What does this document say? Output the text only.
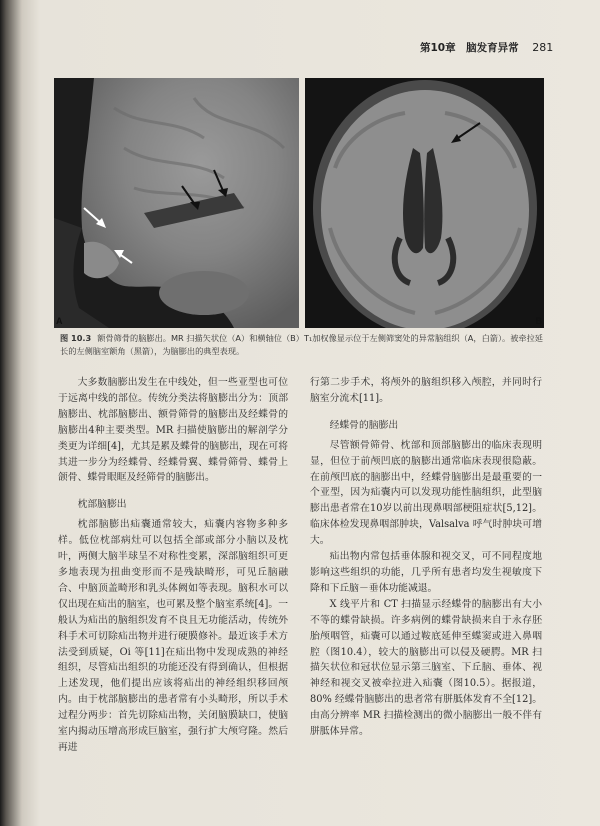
第10章　脑发育异常 281
A	B
图 10.3 额骨筛骨的脑膨出。MR 扫描矢状位（A）和横轴位（B）T₁加权像显示位于左侧筛窦处的异常脑组织（A，白箭）。被牵拉延长的左侧脑室额角（黑箭），为脑膨出的典型表现。

大多数脑膨出发生在中线处，但一些亚型也可位于远离中线的部位。传统分类法将脑膨出分为：顶部脑膨出、枕部脑膨出、额骨筛骨的脑膨出及经蝶骨的脑膨出4种主要类型。MR 扫描使脑膨出的解剖学分类更为详细[4]，尤其是累及蝶骨的脑膨出，现在可将其进一步分为经蝶骨、经蝶骨翼、蝶骨筛骨、蝶骨上颌骨、蝶骨眼眶及经筛骨的脑膨出。

枕部脑膨出

枕部脑膨出疝囊通常较大，疝囊内容物多种多样。低位枕部病灶可以包括全部或部分小脑以及枕叶，两侧大脑半球呈不对称性变累，深部脑组织可更多地表现为扭曲变形而不是残缺畸形，可见丘脑融合、中脑顶盖畸形和乳头体阙如等表现。脑积水可以仅出现在疝出的脑室，也可累及整个脑室系统[4]。一般认为疝出的脑组织发育不良且无功能活动，传统外科手术可切除疝出物并进行硬膜修补。最近该手术方法受到质疑，Oi 等[11]在疝出物中发现成熟的神经组织，尽管疝出组织的功能还没有得到确认，但根据上述发现，他们提出应该将疝出的神经组织移回颅内。由于枕部脑膨出的患者常有小头畸形，所以手术过程分两步：首先切除疝出物，关闭脑膜缺口，使脑室内揭动压增高形成巨脑室，强行扩大颅穹隆。然后再进

行第二步手术，将颅外的脑组织移入颅腔，并同时行脑室分流术[11]。

经蝶骨的脑膨出

尽管额骨筛骨、枕部和顶部脑膨出的临床表现明显，但位于前颅凹底的脑膨出通常临床表现很隐蔽。在前颅凹底的脑膨出中，经蝶骨脑膨出是最重要的一个亚型，因为疝囊内可以发现功能性脑组织，此型脑膨出患者常在10岁以前出现鼻咽部梗阻症状[5,12]。临床体检发现鼻咽部肿块，Valsalva 呼气时肿块可增大。

疝出物内常包括垂体腺和视交叉，可不同程度地影响这些组织的功能，几乎所有患者均发生视敏度下降和下丘脑－垂体功能减退。

X 线平片和 CT 扫描显示经蝶骨的脑膨出有大小不等的蝶骨缺损。许多病例的蝶骨缺损来自于永存胚胎颅咽管，疝囊可以通过鞍底延伸至蝶窦或进入鼻咽腔（图10.4），较大的脑膨出可以侵及硬腭。MR 扫描矢状位和冠状位显示第三脑室、下丘脑、垂体、视神经和视交叉被牵拉进入疝囊（图10.5）。据报道，80% 经蝶骨脑膨出的患者常有胼胝体发育不全[12]。由高分辨率 MR 扫描检测出的微小脑膨出一般不伴有胼胝体异常。
